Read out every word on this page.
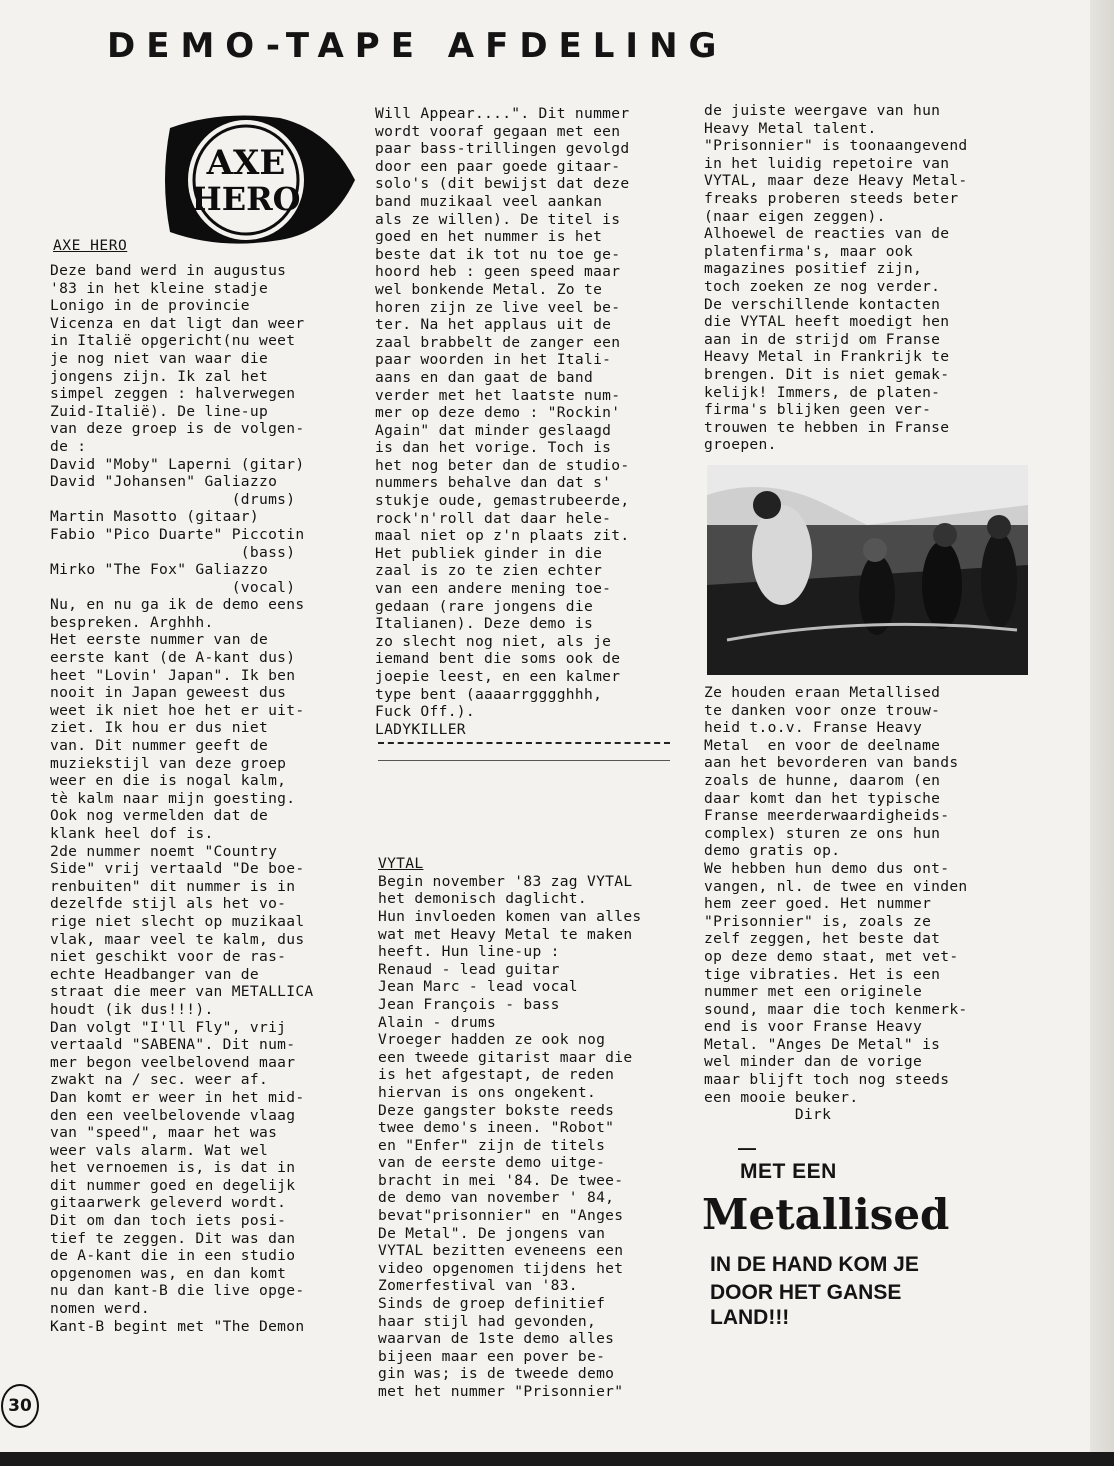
DEMO-TAPE AFDELING
AXE
HERO
AXE HERO
Deze band werd in augustus
'83 in het kleine stadje
Lonigo in de provincie
Vicenza en dat ligt dan weer
in Italië opgericht(nu weet
je nog niet van waar die
jongens zijn. Ik zal het
simpel zeggen : halverwegen
Zuid-Italië). De line-up
van deze groep is de volgen-
de :
David "Moby" Laperni (gitar)
David "Johansen" Galiazzo
(drums)
Martin Masotto (gitaar)
Fabio "Pico Duarte" Piccotin
(bass)
Mirko "The Fox" Galiazzo
(vocal)
Nu, en nu ga ik de demo eens
bespreken. Arghhh.
Het eerste nummer van de
eerste kant (de A-kant dus)
heet "Lovin' Japan". Ik ben
nooit in Japan geweest dus
weet ik niet hoe het er uit-
ziet. Ik hou er dus niet
van. Dit nummer geeft de
muziekstijl van deze groep
weer en die is nogal kalm,
tè kalm naar mijn goesting.
Ook nog vermelden dat de
klank heel dof is.
2de nummer noemt "Country
Side" vrij vertaald "De boe-
renbuiten" dit nummer is in
dezelfde stijl als het vo-
rige niet slecht op muzikaal
vlak, maar veel te kalm, dus
niet geschikt voor de ras-
echte Headbanger van de
straat die meer van METALLICA
houdt (ik dus!!!).
Dan volgt "I'll Fly", vrij
vertaald "SABENA". Dit num-
mer begon veelbelovend maar
zwakt na / sec. weer af.
Dan komt er weer in het mid-
den een veelbelovende vlaag
van "speed", maar het was
weer vals alarm. Wat wel
het vernoemen is, is dat in
dit nummer goed en degelijk
gitaarwerk geleverd wordt.
Dit om dan toch iets posi-
tief te zeggen. Dit was dan
de A-kant die in een studio
opgenomen was, en dan komt
nu dan kant-B die live opge-
nomen werd.
Kant-B begint met "The Demon
Will Appear....". Dit nummer
wordt vooraf gegaan met een
paar bass-trillingen gevolgd
door een paar goede gitaar-
solo's (dit bewijst dat deze
band muzikaal veel aankan
als ze willen). De titel is
goed en het nummer is het
beste dat ik tot nu toe ge-
hoord heb : geen speed maar
wel bonkende Metal. Zo te
horen zijn ze live veel be-
ter. Na het applaus uit de
zaal brabbelt de zanger een
paar woorden in het Itali-
aans en dan gaat de band
verder met het laatste num-
mer op deze demo : "Rockin'
Again" dat minder geslaagd
is dan het vorige. Toch is
het nog beter dan de studio-
nummers behalve dan dat s'
stukje oude, gemastrubeerde,
rock'n'roll dat daar hele-
maal niet op z'n plaats zit.
Het publiek ginder in die
zaal is zo te zien echter
van een andere mening toe-
gedaan (rare jongens die
Italianen). Deze demo is
zo slecht nog niet, als je
iemand bent die soms ook de
joepie leest, en een kalmer
type bent (aaaarrgggghhh,
Fuck Off.).
LADYKILLER

VYTAL
Begin november '83 zag VYTAL
het demonisch daglicht.
Hun invloeden komen van alles
wat met Heavy Metal te maken
heeft. Hun line-up :
Renaud - lead guitar
Jean Marc - lead vocal
Jean François - bass
Alain - drums
Vroeger hadden ze ook nog
een tweede gitarist maar die
is het afgestapt, de reden
hiervan is ons ongekent.
Deze gangster bokste reeds
twee demo's ineen. "Robot"
en "Enfer" zijn de titels
van de eerste demo uitge-
bracht in mei '84. De twee-
de demo van november ' 84,
bevat"prisonnier" en "Anges
De Metal". De jongens van
VYTAL bezitten eveneens een
video opgenomen tijdens het
Zomerfestival van '83.
Sinds de groep definitief
haar stijl had gevonden,
waarvan de 1ste demo alles
bijeen maar een pover be-
gin was; is de tweede demo
met het nummer "Prisonnier"

de juiste weergave van hun
Heavy Metal talent.
"Prisonnier" is toonaangevend
in het luidig repetoire van
VYTAL, maar deze Heavy Metal-
freaks proberen steeds beter
(naar eigen zeggen).
Alhoewel de reacties van de
platenfirma's, maar ook
magazines positief zijn,
toch zoeken ze nog verder.
De verschillende kontacten
die VYTAL heeft moedigt hen
aan in de strijd om Franse
Heavy Metal in Frankrijk te
brengen. Dit is niet gemak-
kelijk! Immers, de platen-
firma's blijken geen ver-
trouwen te hebben in Franse
groepen.
Ze houden eraan Metallised
te danken voor onze trouw-
heid t.o.v. Franse Heavy
Metal  en voor de deelname
aan het bevorderen van bands
zoals de hunne, daarom (en
daar komt dan het typische
Franse meerderwaardigheids-
complex) sturen ze ons hun
demo gratis op.
We hebben hun demo dus ont-
vangen, nl. de twee en vinden
hem zeer goed. Het nummer
"Prisonnier" is, zoals ze
zelf zeggen, het beste dat
op deze demo staat, met vet-
tige vibraties. Het is een
nummer met een originele
sound, maar die toch kenmerk-
end is voor Franse Heavy
Metal. "Anges De Metal" is
wel minder dan de vorige
maar blijft toch nog steeds
een mooie beuker.
Dirk
—
MET EEN
Metallised
IN DE HAND KOM JE
DOOR HET GANSE
LAND!!!
30
